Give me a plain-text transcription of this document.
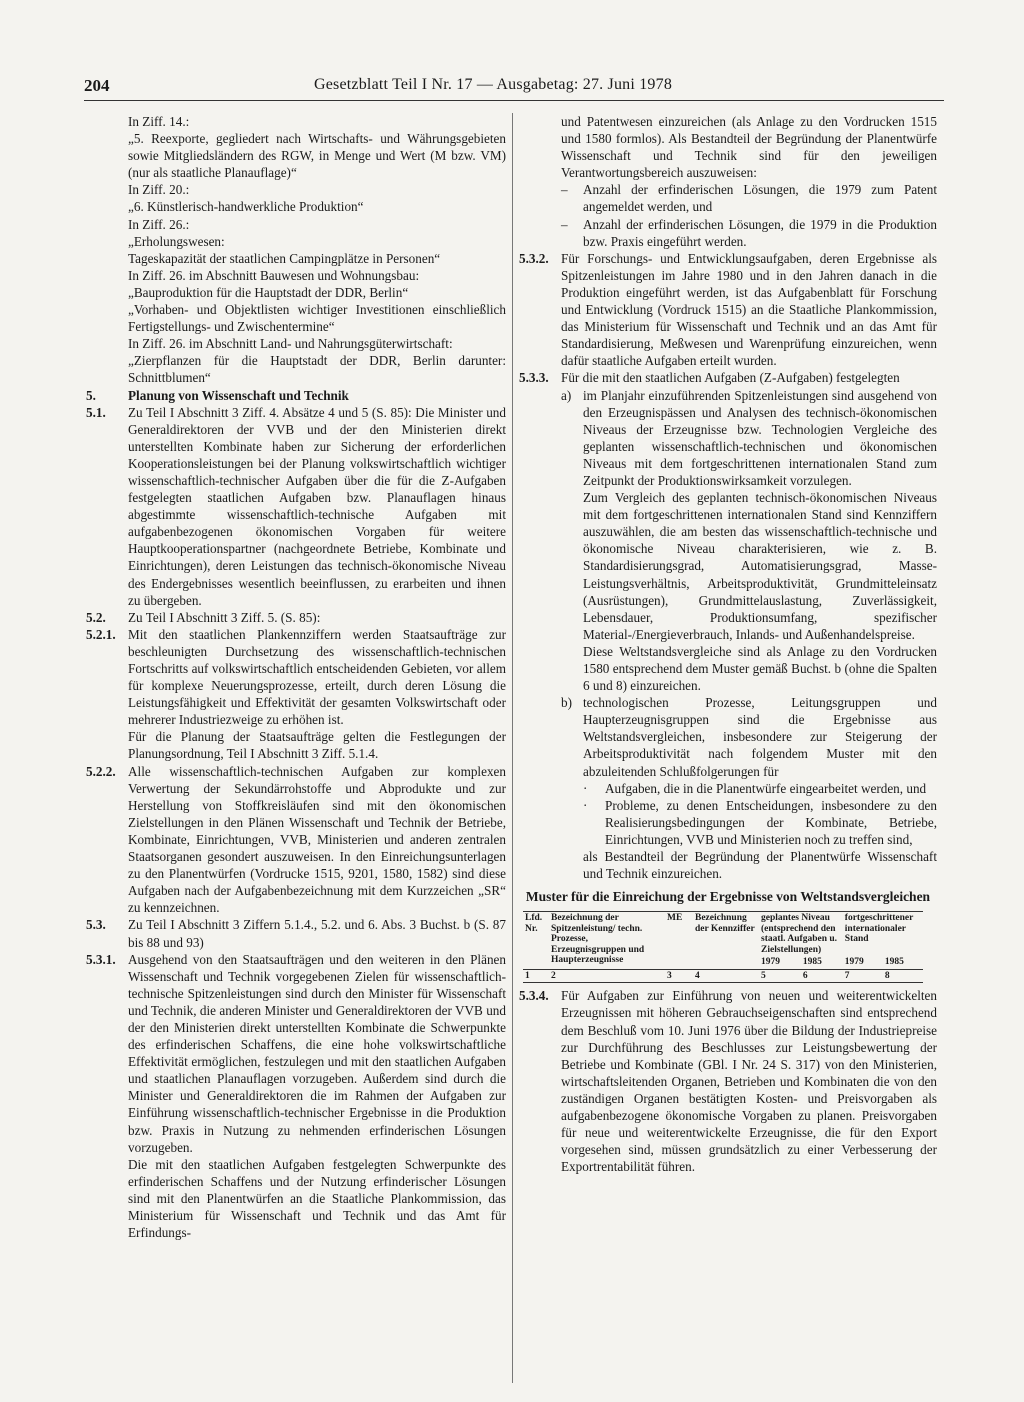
204	Gesetzblatt Teil I Nr. 17 — Ausgabetag: 27. Juni 1978

In Ziff. 14.:

„5. Reexporte, gegliedert nach Wirtschafts- und Währungsgebieten sowie Mitgliedsländern des RGW, in Menge und Wert (M bzw. VM) (nur als staatliche Planauflage)“

In Ziff. 20.:

„6. Künstlerisch-handwerkliche Produktion“

In Ziff. 26.:

„Erholungswesen:

Tageskapazität der staatlichen Campingplätze in Personen“

In Ziff. 26. im Abschnitt Bauwesen und Wohnungsbau:

„Bauproduktion für die Hauptstadt der DDR, Berlin“

„Vorhaben- und Objektlisten wichtiger Investitionen einschließlich Fertigstellungs- und Zwischentermine“

In Ziff. 26. im Abschnitt Land- und Nahrungsgüterwirtschaft:

„Zierpflanzen für die Hauptstadt der DDR, Berlin darunter: Schnittblumen“

5.	Planung von Wissenschaft und Technik
5.1.	Zu Teil I Abschnitt 3 Ziff. 4. Absätze 4 und 5 (S. 85): Die Minister und Generaldirektoren der VVB und der den Ministerien direkt unterstellten Kombinate haben zur Sicherung der erforderlichen Kooperationsleistungen bei der Planung volkswirtschaftlich wichtiger wissenschaftlich-technischer Aufgaben über die für die Z-Aufgaben festgelegten staatlichen Aufgaben bzw. Planauflagen hinaus abgestimmte wissenschaftlich-technische Aufgaben mit aufgabenbezogenen ökonomischen Vorgaben für weitere Hauptkooperationspartner (nachgeordnete Betriebe, Kombinate und Einrichtungen), deren Leistungen das technisch-ökonomische Niveau des Endergebnisses wesentlich beeinflussen, zu erarbeiten und ihnen zu übergeben.
5.2.	Zu Teil I Abschnitt 3 Ziff. 5. (S. 85):
5.2.1. Mit den staatlichen Plankennziffern werden Staatsaufträge zur beschleunigten Durchsetzung des wissenschaftlich-technischen Fortschritts auf volkswirtschaftlich entscheidenden Gebieten, vor allem für komplexe Neuerungsprozesse, erteilt, durch deren Lösung die Leistungsfähigkeit und Effektivität der gesamten Volkswirtschaft oder mehrerer Industriezweige zu erhöhen ist.
Für die Planung der Staatsaufträge gelten die Festlegungen der Planungsordnung, Teil I Abschnitt 3 Ziff. 5.1.4.
5.2.2. Alle wissenschaftlich-technischen Aufgaben zur komplexen Verwertung der Sekundärrohstoffe und Abprodukte und zur Herstellung von Stoffkreisläufen sind mit den ökonomischen Zielstellungen in den Plänen Wissenschaft und Technik der Betriebe, Kombinate, Einrichtungen, VVB, Ministerien und anderen zentralen Staatsorganen gesondert auszuweisen. In den Einreichungsunterlagen zu den Planentwürfen (Vordrucke 1515, 9201, 1580, 1582) sind diese Aufgaben nach der Aufgabenbezeichnung mit dem Kurzzeichen „SR“ zu kennzeichnen.
5.3.	Zu Teil I Abschnitt 3 Ziffern 5.1.4., 5.2. und 6. Abs. 3 Buchst. b (S. 87 bis 88 und 93)
5.3.1. Ausgehend von den Staatsaufträgen und den weiteren in den Plänen Wissenschaft und Technik vorgegebenen Zielen für wissenschaftlich-technische Spitzenleistungen sind durch den Minister für Wissenschaft und Technik, die anderen Minister und Generaldirektoren der VVB und der den Ministerien direkt unterstellten Kombinate die Schwerpunkte des erfinderischen Schaffens, die eine hohe volkswirtschaftliche Effektivität ermöglichen, festzulegen und mit den staatlichen Aufgaben und staatlichen Planauflagen vorzugeben. Außerdem sind durch die Minister und Generaldirektoren die im Rahmen der Aufgaben zur Einführung wissenschaftlich-technischer Ergebnisse in die Produktion bzw. Praxis in Nutzung zu nehmenden erfinderischen Lösungen vorzugeben.
Die mit den staatlichen Aufgaben festgelegten Schwerpunkte des erfinderischen Schaffens und der Nutzung erfinderischer Lösungen sind mit den Planentwürfen an die Staatliche Plankommission, das Ministerium für Wissenschaft und Technik und das Amt für Erfindungs-

und Patentwesen einzureichen (als Anlage zu den Vordrucken 1515 und 1580 formlos). Als Bestandteil der Begründung der Planentwürfe Wissenschaft und Technik sind für den jeweiligen Verantwortungsbereich auszuweisen:

–	Anzahl der erfinderischen Lösungen, die 1979 zum Patent angemeldet werden, und
–	Anzahl der erfinderischen Lösungen, die 1979 in die Produktion bzw. Praxis eingeführt werden.
5.3.2. Für Forschungs- und Entwicklungsaufgaben, deren Ergebnisse als Spitzenleistungen im Jahre 1980 und in den Jahren danach in die Produktion eingeführt werden, ist das Aufgabenblatt für Forschung und Entwicklung (Vordruck 1515) an die Staatliche Plankommission, das Ministerium für Wissenschaft und Technik und an das Amt für Standardisierung, Meßwesen und Warenprüfung einzureichen, wenn dafür staatliche Aufgaben erteilt wurden.
5.3.3. Für die mit den staatlichen Aufgaben (Z-Aufgaben) festgelegten
a) im Planjahr einzuführenden Spitzenleistungen sind ausgehend von den Erzeugnispässen und Analysen des technisch-ökonomischen Niveaus der Erzeugnisse bzw. Technologien Vergleiche des geplanten wissenschaftlich-technischen und ökonomischen Niveaus mit dem fortgeschrittenen internationalen Stand zum Zeitpunkt der Produktionswirksamkeit vorzulegen.
Zum Vergleich des geplanten technisch-ökonomischen Niveaus mit dem fortgeschrittenen internationalen Stand sind Kennziffern auszuwählen, die am besten das wissenschaftlich-technische und ökonomische Niveau charakterisieren, wie z. B. Standardisierungsgrad, Automatisierungsgrad, Masse-Leistungsverhältnis, Arbeitsproduktivität, Grundmitteleinsatz (Ausrüstungen), Grundmittelauslastung, Zuverlässigkeit, Lebensdauer, Produktionsumfang, spezifischer Material-/Energieverbrauch, Inlands- und Außenhandelspreise.
Diese Weltstandsvergleiche sind als Anlage zu den Vordrucken 1580 entsprechend dem Muster gemäß Buchst. b (ohne die Spalten 6 und 8) einzureichen.
b) technologischen Prozesse, Leitungsgruppen und Haupterzeugnisgruppen sind die Ergebnisse aus Weltstandsvergleichen, insbesondere zur Steigerung der Arbeitsproduktivität nach folgendem Muster mit den abzuleitenden Schlußfolgerungen für
·	Aufgaben, die in die Planentwürfe eingearbeitet werden, und
·	Probleme, zu denen Entscheidungen, insbesondere zu den Realisierungsbedingungen der Kombinate, Betriebe, Einrichtungen, VVB und Ministerien noch zu treffen sind,
als Bestandteil der Begründung der Planentwürfe Wissenschaft und Technik einzureichen.
Muster für die Einreichung der Ergebnisse von Weltstandsvergleichen
Lfd. Nr.	Bezeichnung der Spitzenleistung/ techn. Prozesse, Erzeugnisgruppen und Haupterzeugnisse	ME	Bezeichnung der Kennziffer	geplantes Niveau (entsprechend den staatl. Aufgaben u. Zielstellungen)		fortgeschrittener internationaler Stand	
				1979	1985	1979	1985
1	2	3	4	5	6	7	8
5.3.4. Für Aufgaben zur Einführung von neuen und weiterentwickelten Erzeugnissen mit höheren Gebrauchseigenschaften sind entsprechend dem Beschluß vom 10. Juni 1976 über die Bildung der Industriepreise zur Durchführung des Beschlusses zur Leistungsbewertung der Betriebe und Kombinate (GBl. I Nr. 24 S. 317) von den Ministerien, wirtschaftsleitenden Organen, Betrieben und Kombinaten die von den zuständigen Organen bestätigten Kosten- und Preisvorgaben als aufgabenbezogene ökonomische Vorgaben zu planen. Preisvorgaben für neue und weiterentwickelte Erzeugnisse, die für den Export vorgesehen sind, müssen grundsätzlich zu einer Verbesserung der Exportrentabilität führen.
